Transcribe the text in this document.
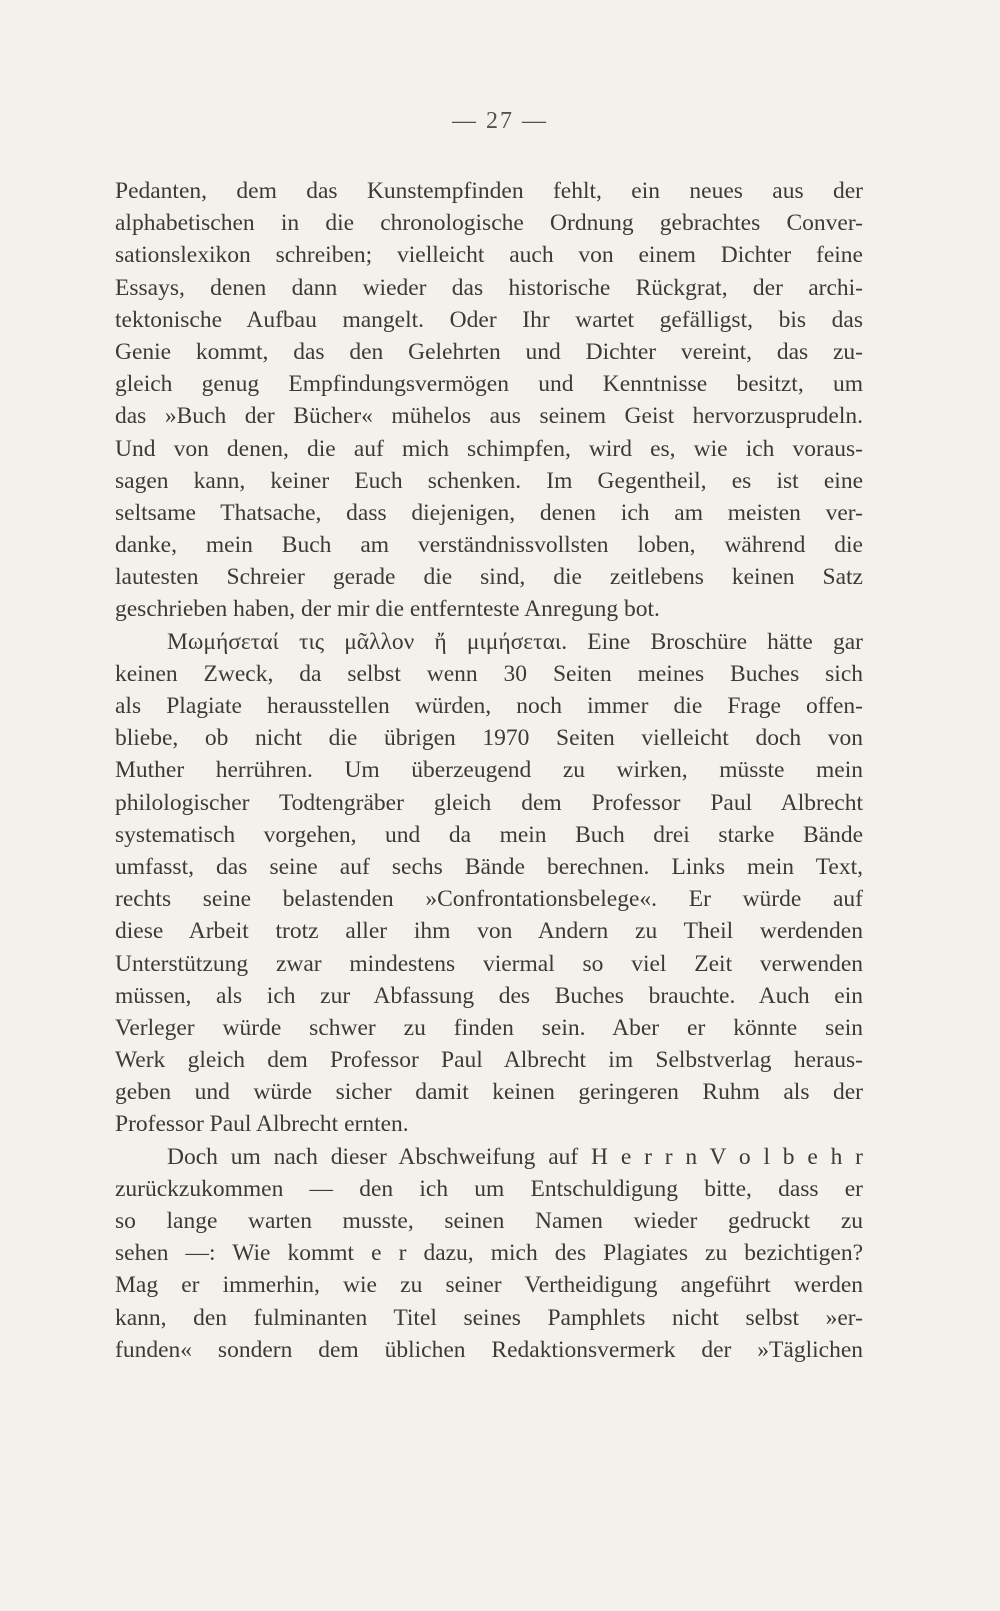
— 27 —
Pedanten, dem das Kunstempfinden fehlt, ein neues aus der
alphabetischen in die chronologische Ordnung gebrachtes Conver-
sationslexikon schreiben; vielleicht auch von einem Dichter feine
Essays, denen dann wieder das historische Rückgrat, der archi-
tektonische Aufbau mangelt. Oder Ihr wartet gefälligst, bis das
Genie kommt, das den Gelehrten und Dichter vereint, das zu-
gleich genug Empfindungsvermögen und Kenntnisse besitzt, um
das »Buch der Bücher« mühelos aus seinem Geist hervorzusprudeln.
Und von denen, die auf mich schimpfen, wird es, wie ich voraus-
sagen kann, keiner Euch schenken. Im Gegentheil, es ist eine
seltsame Thatsache, dass diejenigen, denen ich am meisten ver-
danke, mein Buch am verständnissvollsten loben, während die
lautesten Schreier gerade die sind, die zeitlebens keinen Satz
geschrieben haben, der mir die entfernteste Anregung bot.
Μωμήσεταί τις μᾶλλον ἤ μιμήσεται. Eine Broschüre hätte gar
keinen Zweck, da selbst wenn 30 Seiten meines Buches sich
als Plagiate herausstellen würden, noch immer die Frage offen-
bliebe, ob nicht die übrigen 1970 Seiten vielleicht doch von
Muther herrühren. Um überzeugend zu wirken, müsste mein
philologischer Todtengräber gleich dem Professor Paul Albrecht
systematisch vorgehen, und da mein Buch drei starke Bände
umfasst, das seine auf sechs Bände berechnen. Links mein Text,
rechts seine belastenden »Confrontationsbelege«. Er würde auf
diese Arbeit trotz aller ihm von Andern zu Theil werdenden
Unterstützung zwar mindestens viermal so viel Zeit verwenden
müssen, als ich zur Abfassung des Buches brauchte. Auch ein
Verleger würde schwer zu finden sein. Aber er könnte sein
Werk gleich dem Professor Paul Albrecht im Selbstverlag heraus-
geben und würde sicher damit keinen geringeren Ruhm als der
Professor Paul Albrecht ernten.
Doch um nach dieser Abschweifung auf H e r r n V o l b e h r
zurückzukommen — den ich um Entschuldigung bitte, dass er
so lange warten musste, seinen Namen wieder gedruckt zu
sehen —: Wie kommt e r dazu, mich des Plagiates zu bezichtigen?
Mag er immerhin, wie zu seiner Vertheidigung angeführt werden
kann, den fulminanten Titel seines Pamphlets nicht selbst »er-
funden« sondern dem üblichen Redaktionsvermerk der »Täglichen
